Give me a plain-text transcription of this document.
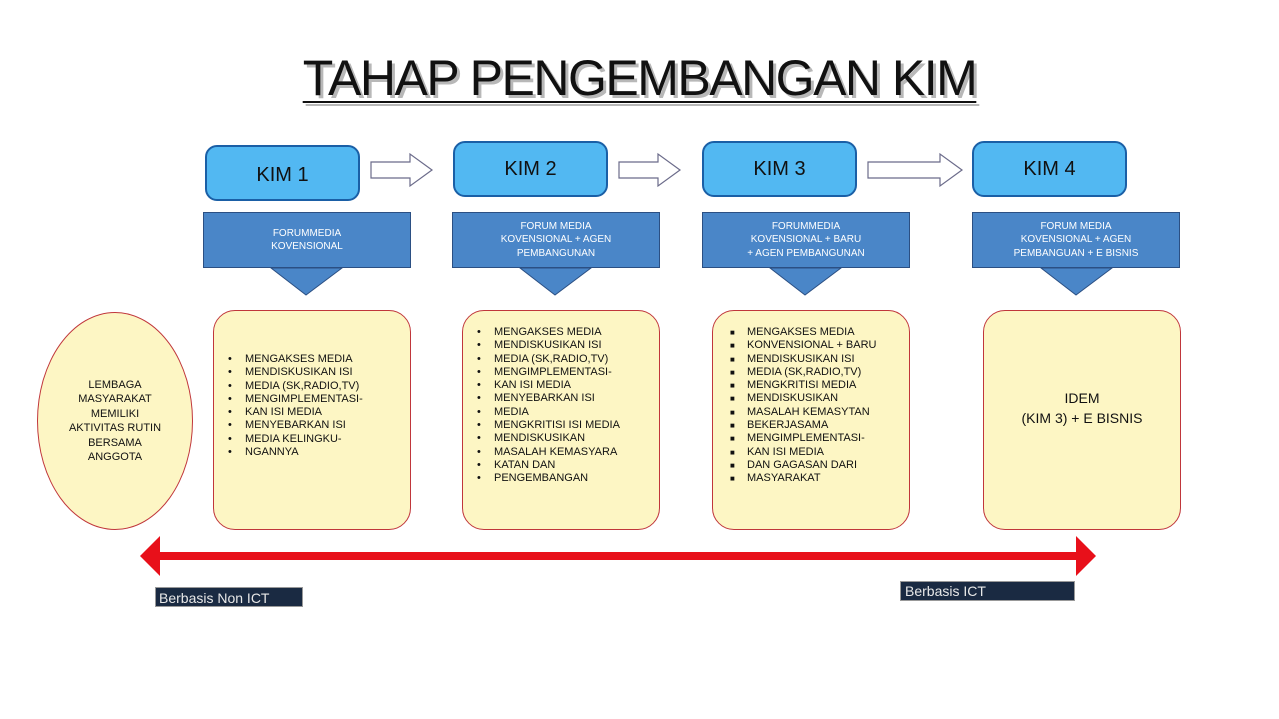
TAHAP PENGEMBANGAN KIM
KIM 1	KIM 2	KIM 3	KIM 4
FORUMMEDIA
KOVENSIONAL
FORUM MEDIA
KOVENSIONAL + AGEN
PEMBANGUNAN
FORUMMEDIA
KOVENSIONAL + BARU
+ AGEN PEMBANGUNAN
FORUM MEDIA
KOVENSIONAL + AGEN
PEMBANGUAN + E BISNIS
LEMBAGA MASYARAKAT MEMILIKI AKTIVITAS RUTIN BERSAMA ANGGOTA
• MENGAKSES MEDIA
• MENDISKUSIKAN ISI
• MEDIA (SK,RADIO,TV)
• MENGIMPLEMENTASI-
• KAN ISI MEDIA
• MENYEBARKAN ISI
• MEDIA KELINGKU-
• NGANNYA
• MENGAKSES MEDIA
• MENDISKUSIKAN ISI
• MEDIA (SK,RADIO,TV)
• MENGIMPLEMENTASI-
• KAN ISI MEDIA
• MENYEBARKAN ISI
• MEDIA
• MENGKRITISI ISI MEDIA
• MENDISKUSIKAN
• MASALAH KEMASYARA
• KATAN DAN
• PENGEMBANGAN
■ MENGAKSES MEDIA
■ KONVENSIONAL + BARU
■ MENDISKUSIKAN ISI
■ MEDIA (SK,RADIO,TV)
■ MENGKRITISI MEDIA
■ MENDISKUSIKAN
■ MASALAH KEMASYTAN
■ BEKERJASAMA
■ MENGIMPLEMENTASI-
■ KAN ISI MEDIA
■ DAN GAGASAN DARI
■ MASYARAKAT
IDEM
(KIM 3) + E BISNIS
Berbasis Non ICT	Berbasis ICT
